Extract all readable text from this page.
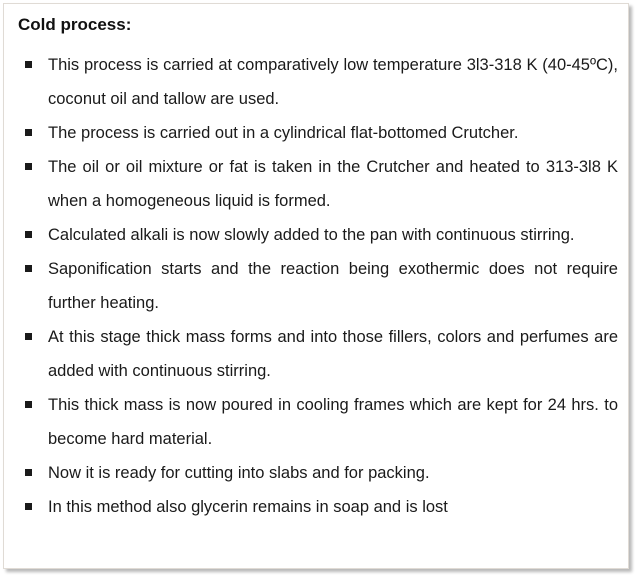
Cold process:
This process is carried at comparatively low temperature 3l3-318 K (40-45ºC), coconut oil and tallow are used.
The process is carried out in a cylindrical flat-bottomed Crutcher.
The oil or oil mixture or fat is taken in the Crutcher and heated to 313-3l8 K when a homogeneous liquid is formed.
Calculated alkali is now slowly added to the pan with continuous stirring.
Saponification starts and the reaction being exothermic does not require further heating.
At this stage thick mass forms and into those fillers, colors and perfumes are added with continuous stirring.
This thick mass is now poured in cooling frames which are kept for 24 hrs. to become hard material.
Now it is ready for cutting into slabs and for packing.
In this method also glycerin remains in soap and is lost
